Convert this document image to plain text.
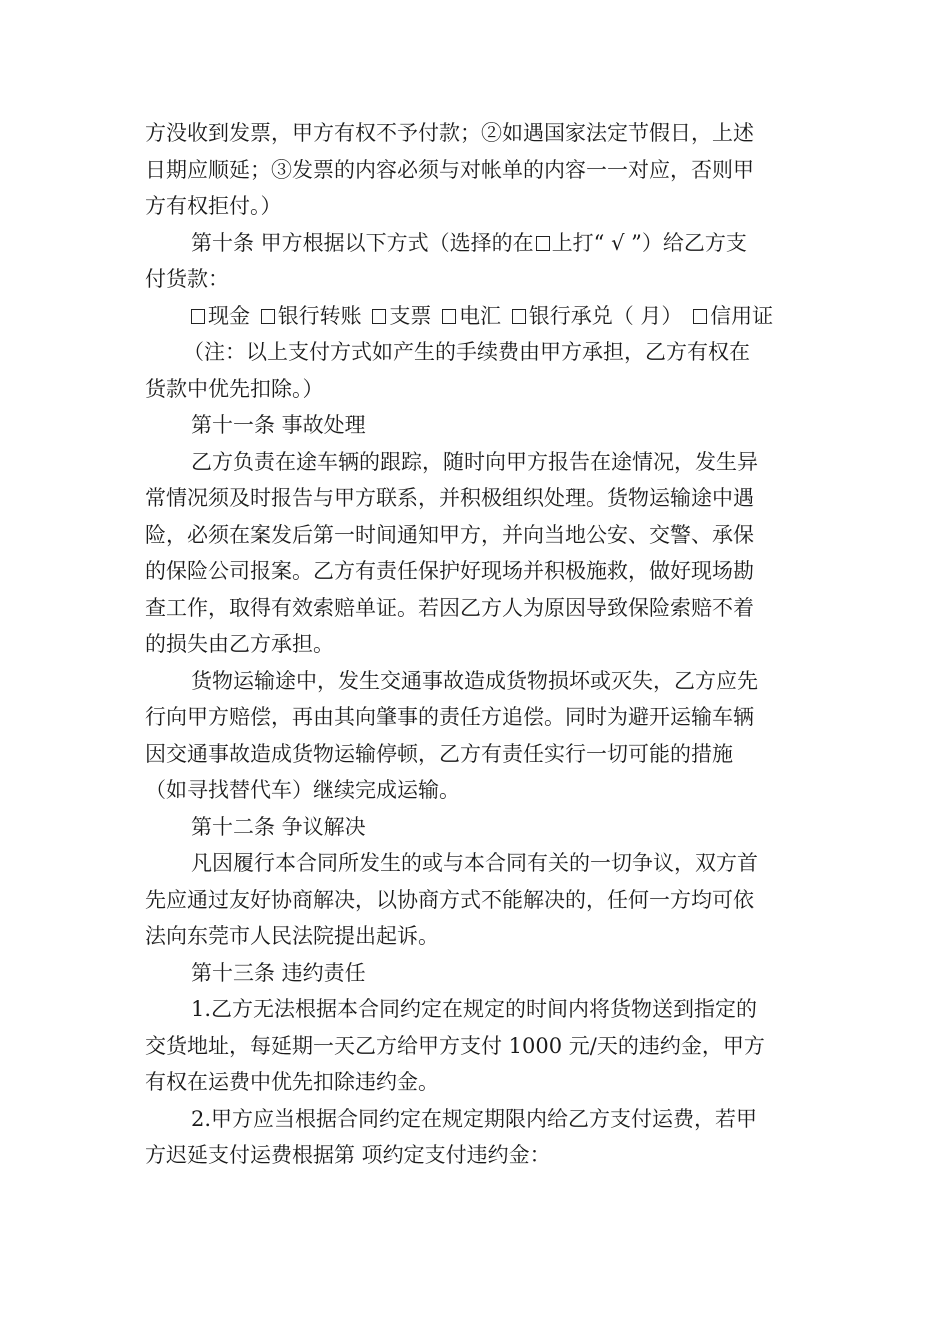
方没收到发票，甲方有权不予付款；②如遇国家法定节假日，上述
日期应顺延；③发票的内容必须与对帐单的内容一一对应，否则甲
方有权拒付。）

第十条 甲方根据以下方式（选择的在 上打“ √ ”）给乙方支
付货款：

现金 银行转账 支票 电汇 银行承兑（ 月） 信用证

（注：以上支付方式如产生的手续费由甲方承担，乙方有权在
货款中优先扣除。）

第十一条 事故处理

乙方负责在途车辆的跟踪，随时向甲方报告在途情况，发生异
常情况须及时报告与甲方联系，并积极组织处理。货物运输途中遇
险，必须在案发后第一时间通知甲方，并向当地公安、交警、承保
的保险公司报案。乙方有责任保护好现场并积极施救，做好现场勘
查工作，取得有效索赔单证。若因乙方人为原因导致保险索赔不着
的损失由乙方承担。

货物运输途中，发生交通事故造成货物损坏或灭失，乙方应先
行向甲方赔偿，再由其向肇事的责任方追偿。同时为避开运输车辆
因交通事故造成货物运输停顿，乙方有责任实行一切可能的措施
（如寻找替代车）继续完成运输。

第十二条 争议解决

凡因履行本合同所发生的或与本合同有关的一切争议，双方首
先应通过友好协商解决，以协商方式不能解决的，任何一方均可依
法向东莞市人民法院提出起诉。

第十三条 违约责任

1.乙方无法根据本合同约定在规定的时间内将货物送到指定的
交货地址，每延期一天乙方给甲方支付 1000 元/天的违约金，甲方
有权在运费中优先扣除违约金。

2.甲方应当根据合同约定在规定期限内给乙方支付运费，若甲
方迟延支付运费根据第 项约定支付违约金：
